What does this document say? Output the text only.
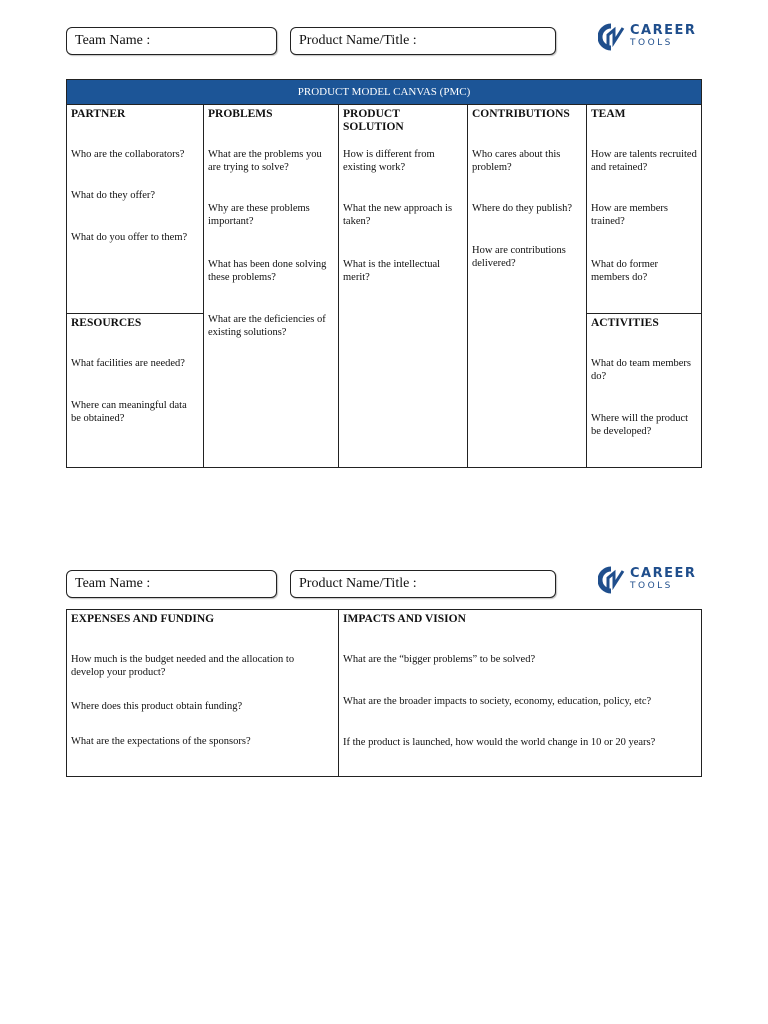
Team Name :	Product Name/Title :
CAREER
TOOLS
PRODUCT MODEL CANVAS (PMC)
PARTNER
Who are the collaborators?
What do they offer?
What do you offer to them?
RESOURCES
What facilities are needed?
Where can meaningful data be obtained?
PROBLEMS
What are the problems you are trying to solve?
Why are these problems important?
What has been done solving these problems?
What are the deficiencies of existing solutions?
PRODUCT SOLUTION
How is different from existing work?
What the new approach is taken?
What is the intellectual merit?
CONTRIBUTIONS
Who cares about this problem?
Where do they publish?
How are contributions delivered?
TEAM
How are talents recruited and retained?
How are members trained?
What do former members do?
ACTIVITIES
What do team members do?
Where will the product be developed?
Team Name :	Product Name/Title :
CAREER
TOOLS
EXPENSES AND FUNDING
How much is the budget needed and the allocation to develop your product?
Where does this product obtain funding?
What are the expectations of the sponsors?
IMPACTS AND VISION
What are the “bigger problems” to be solved?
What are the broader impacts to society, economy, education, policy, etc?
If the product is launched, how would the world change in 10 or 20 years?
